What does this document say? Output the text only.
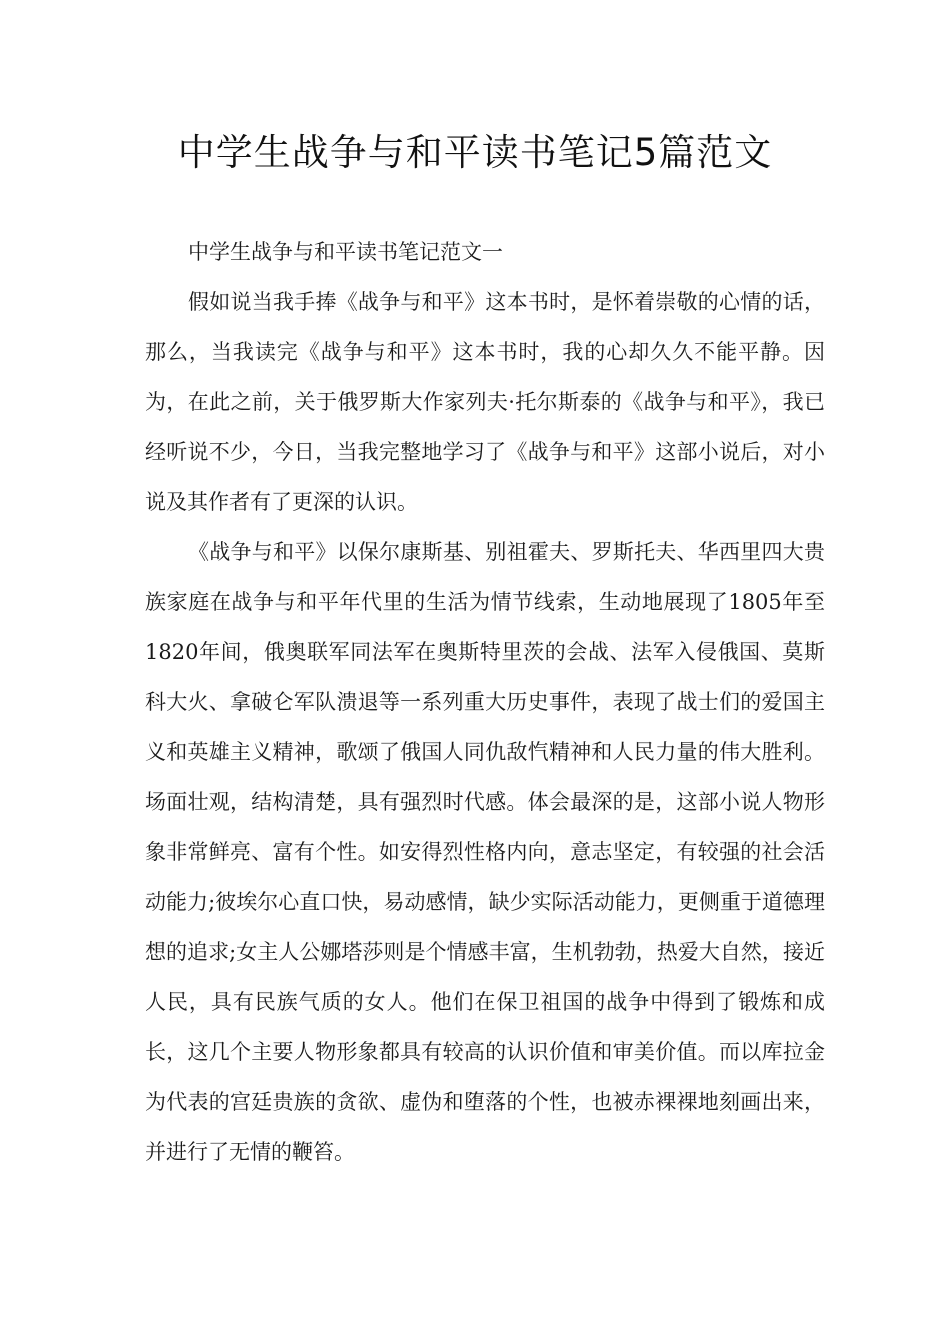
中学生战争与和平读书笔记5篇范文

中学生战争与和平读书笔记范文一

假如说当我手捧《战争与和平》这本书时，是怀着崇敬的心情的话，那么，当我读完《战争与和平》这本书时，我的心却久久不能平静。因为，在此之前，关于俄罗斯大作家列夫·托尔斯泰的《战争与和平》，我已经听说不少，今日，当我完整地学习了《战争与和平》这部小说后，对小说及其作者有了更深的认识。

《战争与和平》以保尔康斯基、别祖霍夫、罗斯托夫、华西里四大贵族家庭在战争与和平年代里的生活为情节线索，生动地展现了1805年至1820年间，俄奥联军同法军在奥斯特里茨的会战、法军入侵俄国、莫斯科大火、拿破仑军队溃退等一系列重大历史事件，表现了战士们的爱国主义和英雄主义精神，歌颂了俄国人同仇敌忾精神和人民力量的伟大胜利。场面壮观，结构清楚，具有强烈时代感。体会最深的是，这部小说人物形象非常鲜亮、富有个性。如安得烈性格内向，意志坚定，有较强的社会活动能力;彼埃尔心直口快，易动感情，缺少实际活动能力，更侧重于道德理想的追求;女主人公娜塔莎则是个情感丰富，生机勃勃，热爱大自然，接近人民，具有民族气质的女人。他们在保卫祖国的战争中得到了锻炼和成长，这几个主要人物形象都具有较高的认识价值和审美价值。而以库拉金为代表的宫廷贵族的贪欲、虚伪和堕落的个性，也被赤裸裸地刻画出来，并进行了无情的鞭笞。
